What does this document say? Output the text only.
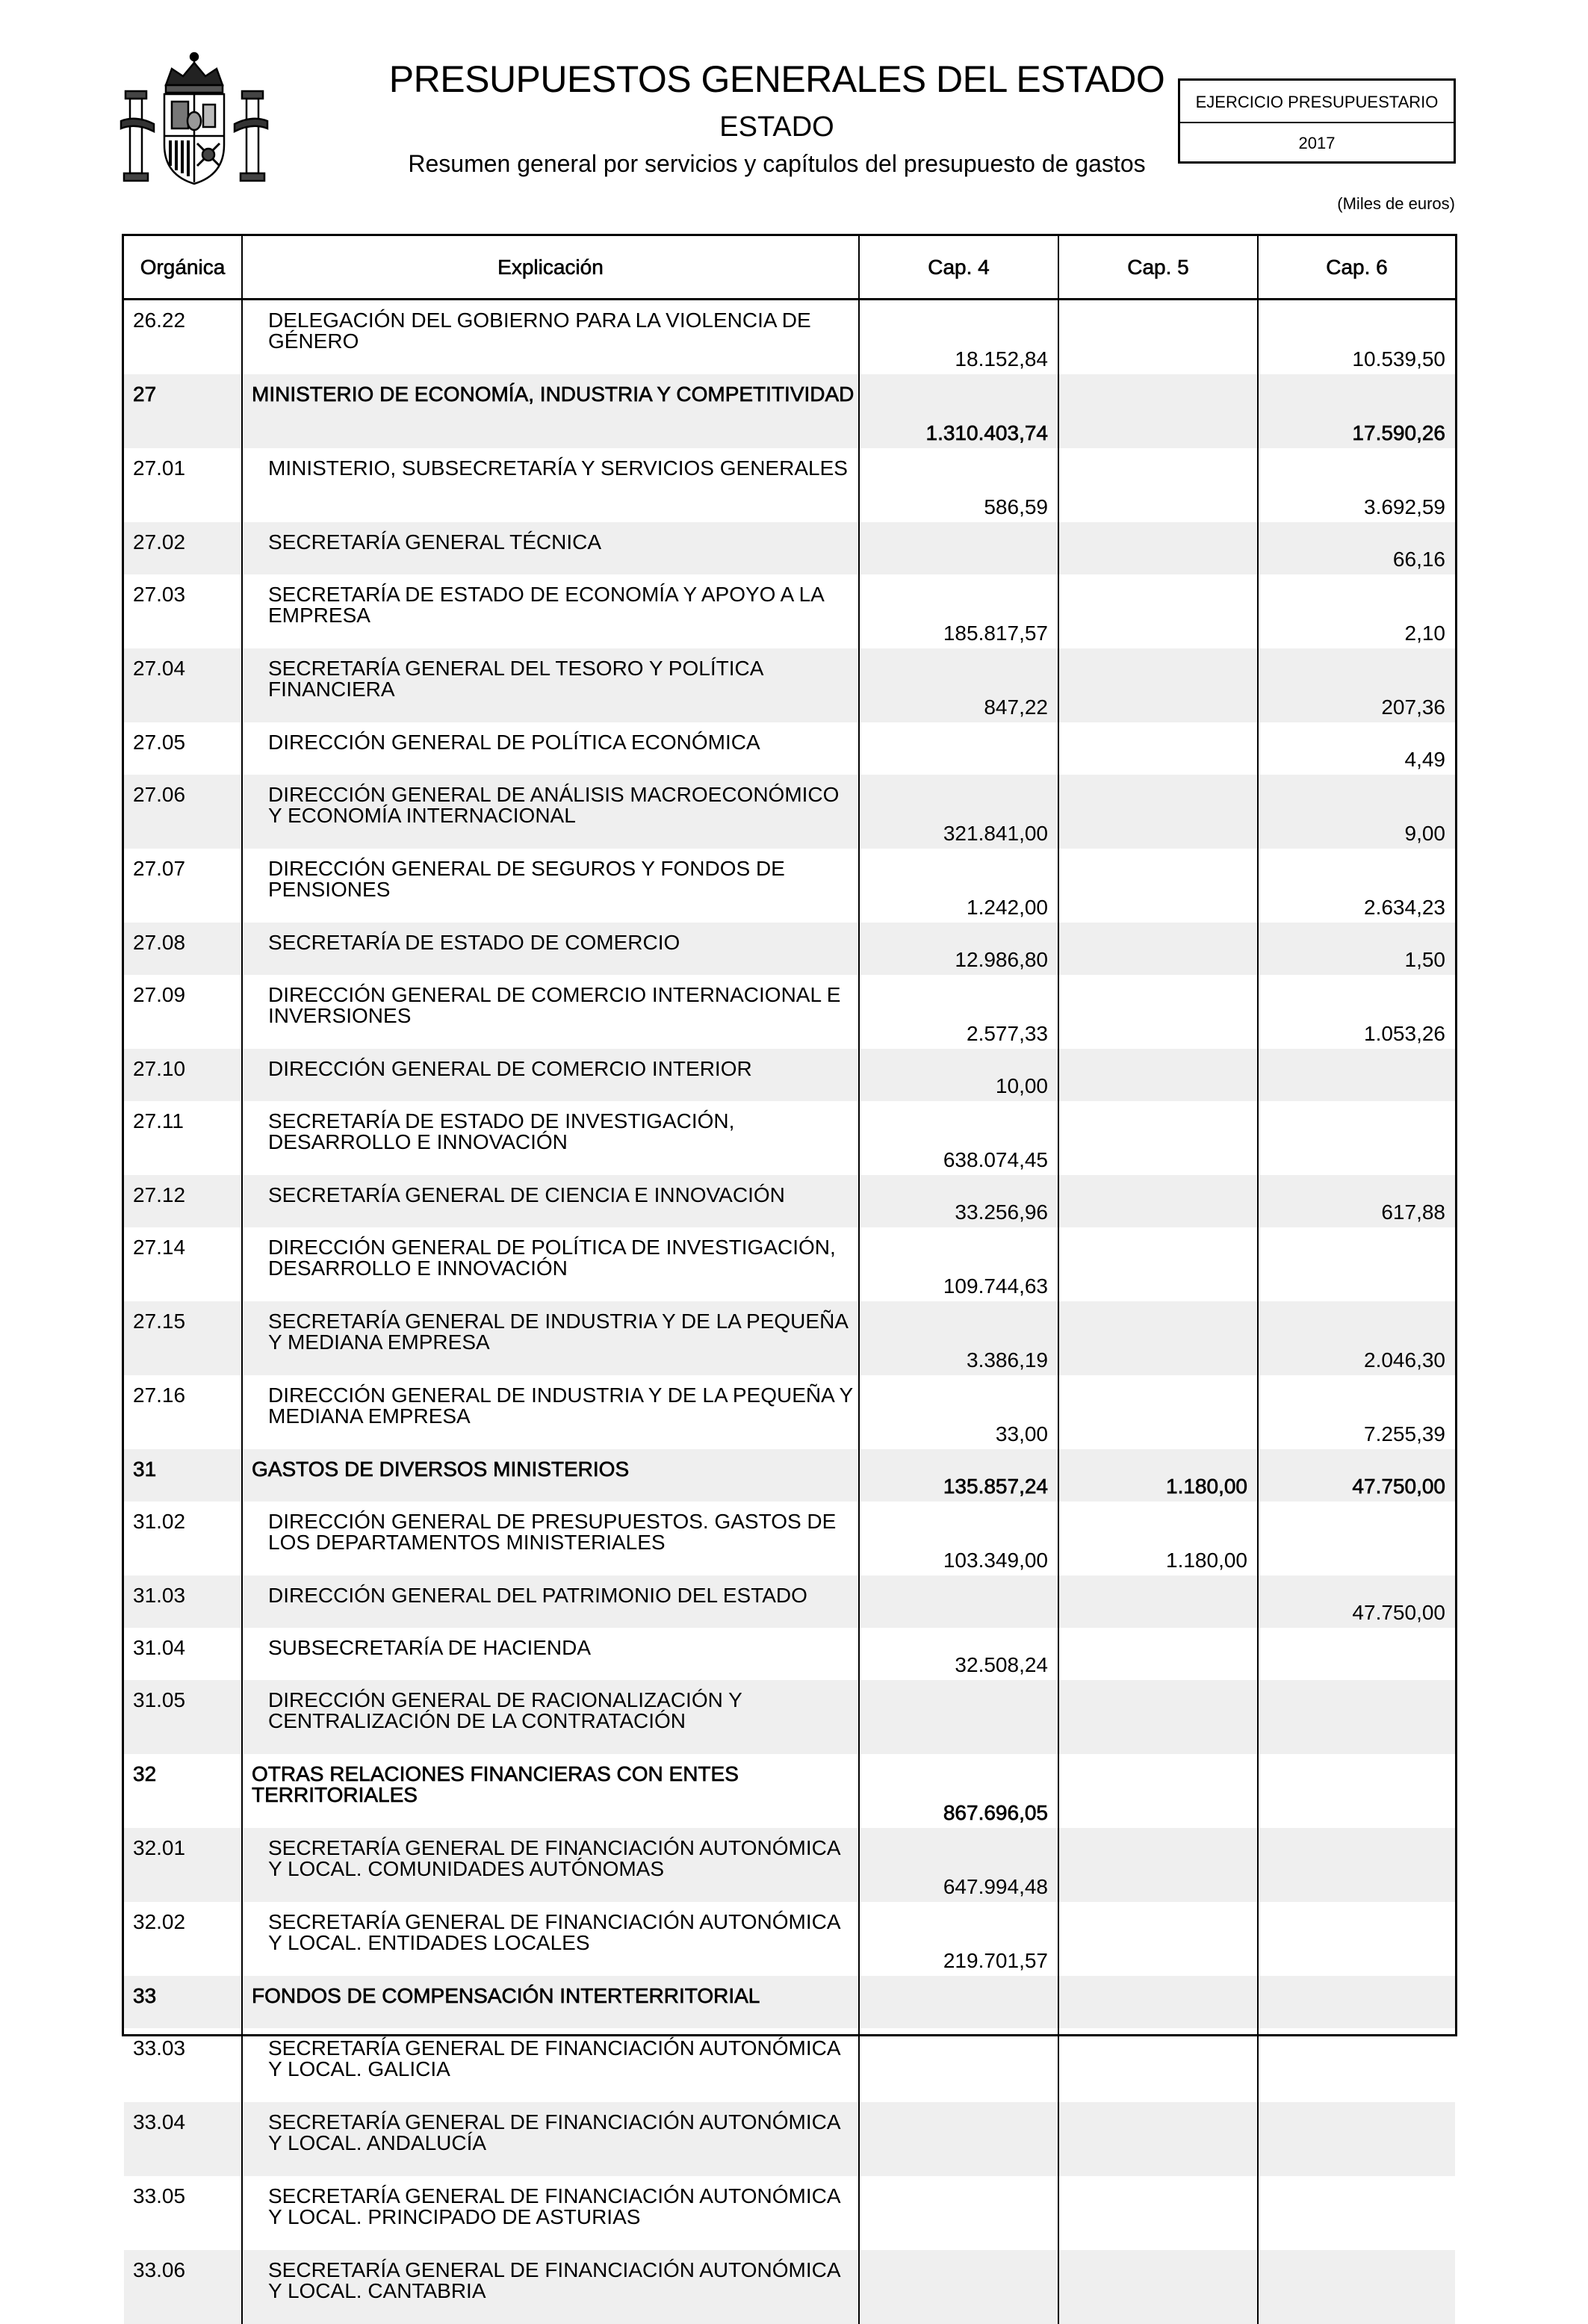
PRESUPUESTOS GENERALES DEL ESTADO
ESTADO
Resumen general por servicios y capítulos del presupuesto de gastos
EJERCICIO PRESUPUESTARIO
2017
(Miles de euros)
Orgánica	Explicación	Cap. 4	Cap. 5	Cap. 6
26.22	DELEGACIÓN DEL GOBIERNO PARA LA VIOLENCIA DE GÉNERO	18.152,84		10.539,50
27	MINISTERIO DE ECONOMÍA, INDUSTRIA Y COMPETITIVIDAD	1.310.403,74		17.590,26
27.01	MINISTERIO, SUBSECRETARÍA Y SERVICIOS GENERALES	586,59		3.692,59
27.02	SECRETARÍA GENERAL TÉCNICA			66,16
27.03	SECRETARÍA DE ESTADO DE ECONOMÍA Y APOYO A LA EMPRESA	185.817,57		2,10
27.04	SECRETARÍA GENERAL DEL TESORO Y POLÍTICA FINANCIERA	847,22		207,36
27.05	DIRECCIÓN GENERAL DE POLÍTICA ECONÓMICA			4,49
27.06	DIRECCIÓN GENERAL DE ANÁLISIS MACROECONÓMICO Y ECONOMÍA INTERNACIONAL	321.841,00		9,00
27.07	DIRECCIÓN GENERAL DE SEGUROS Y FONDOS DE PENSIONES	1.242,00		2.634,23
27.08	SECRETARÍA DE ESTADO DE COMERCIO	12.986,80		1,50
27.09	DIRECCIÓN GENERAL DE COMERCIO INTERNACIONAL E INVERSIONES	2.577,33		1.053,26
27.10	DIRECCIÓN GENERAL DE COMERCIO INTERIOR	10,00		
27.11	SECRETARÍA DE ESTADO DE INVESTIGACIÓN, DESARROLLO E INNOVACIÓN	638.074,45		
27.12	SECRETARÍA GENERAL DE CIENCIA E INNOVACIÓN	33.256,96		617,88
27.14	DIRECCIÓN GENERAL DE POLÍTICA DE INVESTIGACIÓN, DESARROLLO E INNOVACIÓN	109.744,63		
27.15	SECRETARÍA GENERAL DE INDUSTRIA Y DE LA PEQUEÑA Y MEDIANA EMPRESA	3.386,19		2.046,30
27.16	DIRECCIÓN GENERAL DE INDUSTRIA Y DE LA PEQUEÑA Y MEDIANA EMPRESA	33,00		7.255,39
31	GASTOS DE DIVERSOS MINISTERIOS	135.857,24	1.180,00	47.750,00
31.02	DIRECCIÓN GENERAL DE PRESUPUESTOS. GASTOS DE LOS DEPARTAMENTOS MINISTERIALES	103.349,00	1.180,00	
31.03	DIRECCIÓN GENERAL DEL PATRIMONIO DEL ESTADO			47.750,00
31.04	SUBSECRETARÍA DE HACIENDA	32.508,24		
31.05	DIRECCIÓN GENERAL DE RACIONALIZACIÓN Y CENTRALIZACIÓN DE LA CONTRATACIÓN			
32	OTRAS RELACIONES FINANCIERAS CON ENTES TERRITORIALES	867.696,05		
32.01	SECRETARÍA GENERAL DE FINANCIACIÓN AUTONÓMICA Y LOCAL. COMUNIDADES AUTÓNOMAS	647.994,48		
32.02	SECRETARÍA GENERAL DE FINANCIACIÓN AUTONÓMICA Y LOCAL. ENTIDADES LOCALES	219.701,57		
33	FONDOS DE COMPENSACIÓN INTERTERRITORIAL			
33.03	SECRETARÍA GENERAL DE FINANCIACIÓN AUTONÓMICA Y LOCAL. GALICIA			
33.04	SECRETARÍA GENERAL DE FINANCIACIÓN AUTONÓMICA Y LOCAL. ANDALUCÍA			
33.05	SECRETARÍA GENERAL DE FINANCIACIÓN AUTONÓMICA Y LOCAL. PRINCIPADO DE ASTURIAS			
33.06	SECRETARÍA GENERAL DE FINANCIACIÓN AUTONÓMICA Y LOCAL. CANTABRIA			
